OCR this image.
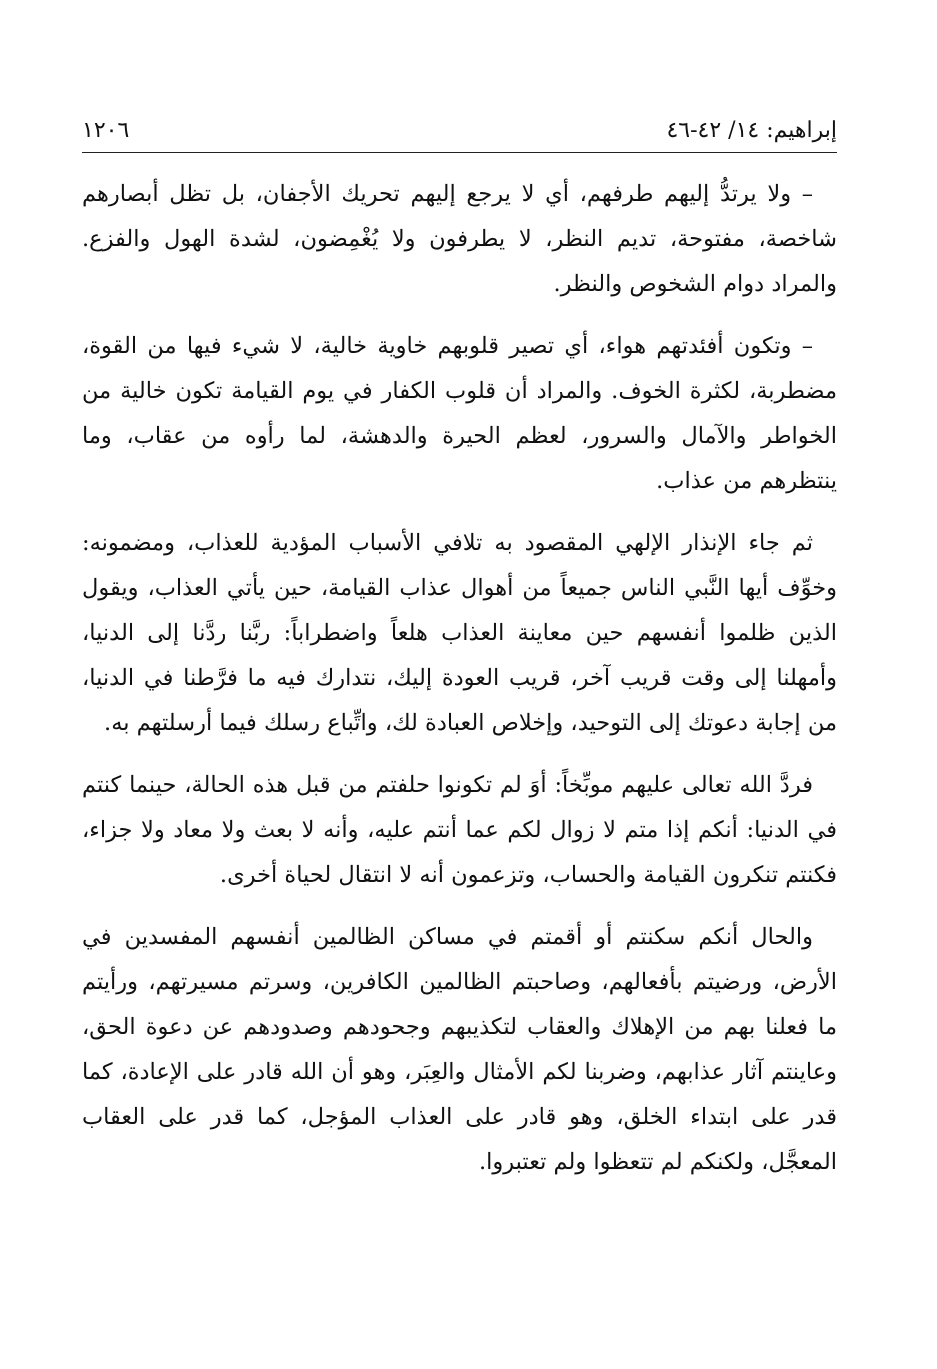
إبراهيم: ١٤/ ٤٢-٤٦
١٢٠٦

– ولا يرتدُّ إليهم طرفهم، أي لا يرجع إليهم تحريك الأجفان، بل تظل أبصارهم شاخصة، مفتوحة، تديم النظر، لا يطرفون ولا يُغْمِضون، لشدة الهول والفزع. والمراد دوام الشخوص والنظر.

– وتكون أفئدتهم هواء، أي تصير قلوبهم خاوية خالية، لا شيء فيها من القوة، مضطربة، لكثرة الخوف. والمراد أن قلوب الكفار في يوم القيامة تكون خالية من الخواطر والآمال والسرور، لعظم الحيرة والدهشة، لما رأوه من عقاب، وما ينتظرهم من عذاب.

ثم جاء الإنذار الإلهي المقصود به تلافي الأسباب المؤدية للعذاب، ومضمونه: وخوِّف أيها النَّبي الناس جميعاً من أهوال عذاب القيامة، حين يأتي العذاب، ويقول الذين ظلموا أنفسهم حين معاينة العذاب هلعاً واضطراباً: ربَّنا ردَّنا إلى الدنيا، وأمهلنا إلى وقت قريب آخر، قريب العودة إليك، نتدارك فيه ما فرَّطنا في الدنيا، من إجابة دعوتك إلى التوحيد، وإخلاص العبادة لك، واتِّباع رسلك فيما أرسلتهم به.

فردَّ الله تعالى عليهم موبِّخاً: أوَ لم تكونوا حلفتم من قبل هذه الحالة، حينما كنتم في الدنيا: أنكم إذا متم لا زوال لكم عما أنتم عليه، وأنه لا بعث ولا معاد ولا جزاء، فكنتم تنكرون القيامة والحساب، وتزعمون أنه لا انتقال لحياة أخرى.

والحال أنكم سكنتم أو أقمتم في مساكن الظالمين أنفسهم المفسدين في الأرض، ورضيتم بأفعالهم، وصاحبتم الظالمين الكافرين، وسرتم مسيرتهم، ورأيتم ما فعلنا بهم من الإهلاك والعقاب لتكذيبهم وجحودهم وصدودهم عن دعوة الحق، وعاينتم آثار عذابهم، وضربنا لكم الأمثال والعِبَر، وهو أن الله قادر على الإعادة، كما قدر على ابتداء الخلق، وهو قادر على العذاب المؤجل، كما قدر على العقاب المعجَّل، ولكنكم لم تتعظوا ولم تعتبروا.
